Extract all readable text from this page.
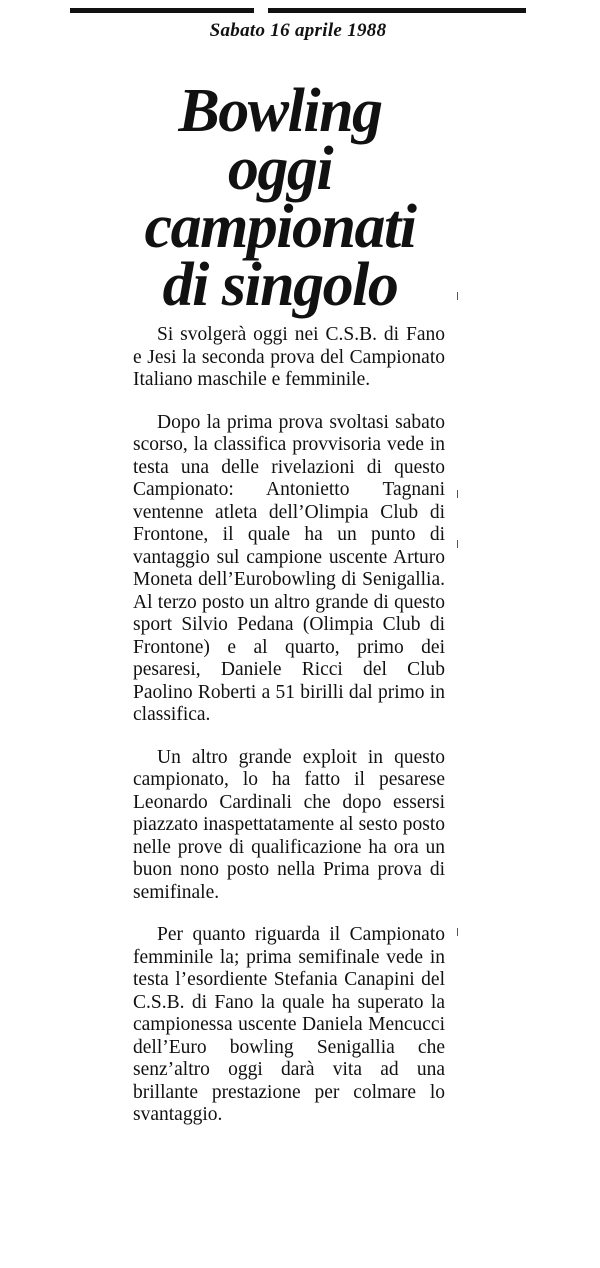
Sabato 16 aprile 1988
Bowling
oggi
campionati
di singolo

Si svolgerà oggi nei C.S.B. di Fano e Jesi la seconda prova del Campionato Italiano maschile e femminile.

Dopo la prima prova svoltasi sabato scorso, la classifica provvisoria vede in testa una delle rivelazioni di questo Campionato: Antonietto Tagnani ventenne atleta dell’Olimpia Club di Frontone, il quale ha un punto di vantaggio sul campione uscente Arturo Moneta dell’Eurobowling di Senigallia. Al terzo posto un altro grande di questo sport Silvio Pedana (Olimpia Club di Frontone) e al quarto, primo dei pesaresi, Daniele Ricci del Club Paolino Roberti a 51 birilli dal primo in classifica.

Un altro grande exploit in questo campionato, lo ha fatto il pesarese Leonardo Cardinali che dopo essersi piazzato inaspettatamente al sesto posto nelle prove di qualificazione ha ora un buon nono posto nella Prima prova di semifinale.

Per quanto riguarda il Campionato femminile la; prima semifinale vede in testa l’esordiente Stefania Canapini del C.S.B. di Fano la quale ha superato la campionessa uscente Daniela Mencucci dell’Euro bowling Senigallia che senz’altro oggi darà vita ad una brillante prestazione per colmare lo svantaggio.
